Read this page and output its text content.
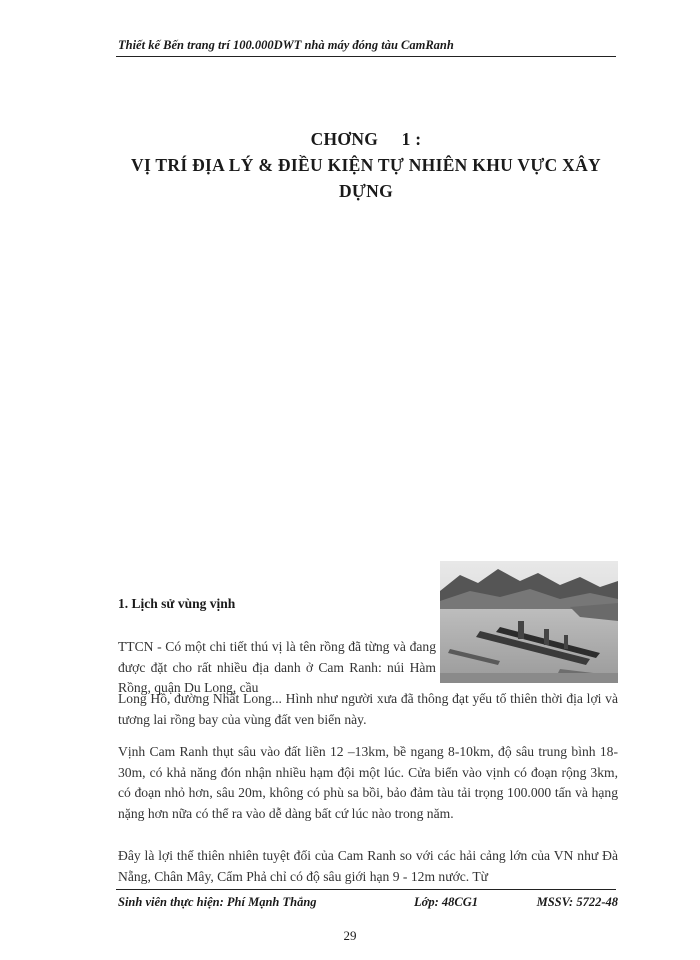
Thiết kế Bến trang trí 100.000DWT nhà máy đóng tàu CamRanh
CHƠNG     1 :
VỊ TRÍ ĐỊA LÝ & ĐIỀU KIỆN TỰ NHIÊN KHU VỰC XÂY
DỰNG
1. Lịch sử vùng vịnh
TTCN - Có một chi tiết thú vị là tên rồng đã từng và đang được đặt cho rất nhiều địa danh ở Cam Ranh: núi Hàm Rồng, quận Du Long, cầu
Long Hồ, đường Nhất Long... Hình như người xưa đã thông đạt yếu tố thiên thời địa lợi và tương lai rồng bay của vùng đất ven biển này.
Vịnh Cam Ranh thụt sâu vào đất liền 12 –13km, bề ngang 8-10km, độ sâu trung bình 18-30m, có khả năng đón nhận nhiều hạm đội một lúc. Cửa biển vào vịnh có đoạn rộng 3km, có đoạn nhỏ hơn, sâu 20m, không có phù sa bồi, bảo đảm tàu tải trọng 100.000 tấn và hạng nặng hơn nữa có thể ra vào dễ dàng bất cứ lúc nào trong năm.
Đây là lợi thế thiên nhiên tuyệt đối của Cam Ranh so với các hải cảng lớn của VN như Đà Nẵng, Chân Mây, Cẩm Phả chỉ có độ sâu giới hạn 9 - 12m nước. Từ
Sinh viên thực hiện: Phí Mạnh Thắng	Lớp: 48CG1	MSSV: 5722-48
29
